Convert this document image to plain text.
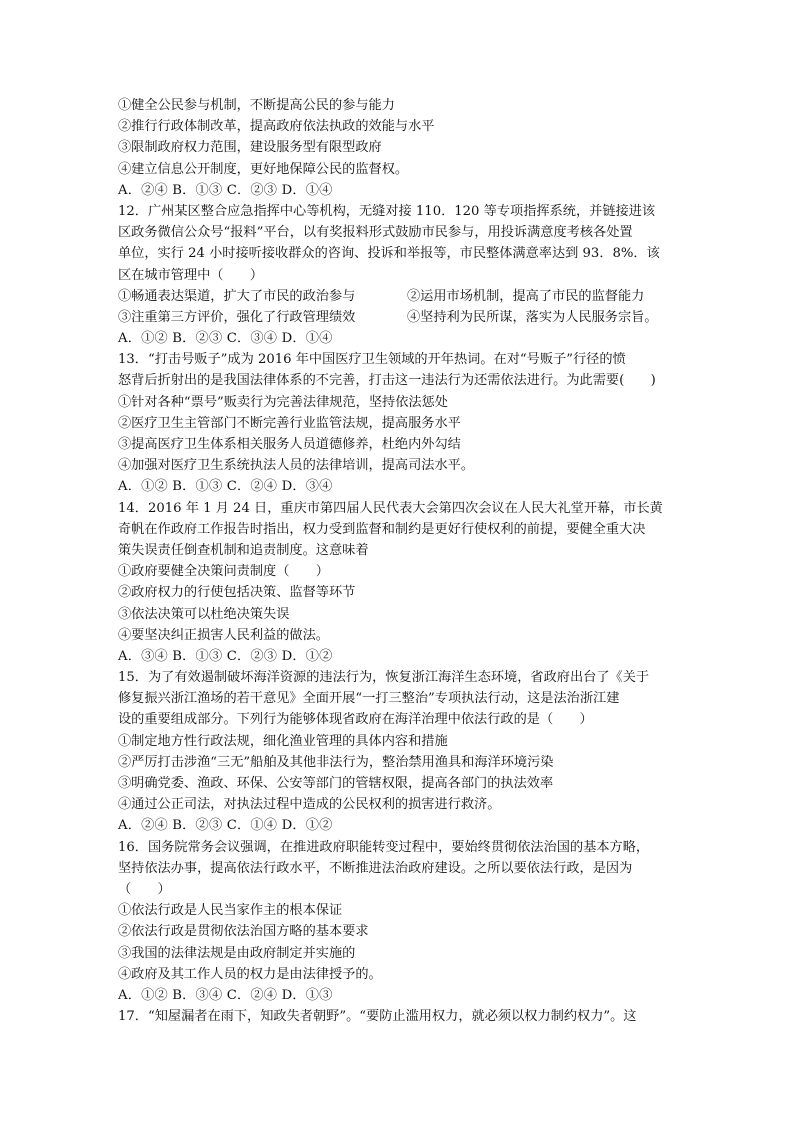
①健全公民参与机制，不断提高公民的参与能力
②推行行政体制改革，提高政府依法执政的效能与水平
③限制政府权力范围，建设服务型有限型政府
④建立信息公开制度，更好地保障公民的监督权。
A．②④ B．①③ C．②③ D．①④
12．广州某区整合应急指挥中心等机构，无缝对接 110．120 等专项指挥系统，并链接进该
区政务微信公众号“报料”平台，以有奖报料形式鼓励市民参与，用投诉满意度考核各处置
单位，实行 24 小时接听接收群众的咨询、投诉和举报等，市民整体满意率达到 93．8%．该
区在城市管理中（　　）
①畅通表达渠道，扩大了市民的政治参与	②运用市场机制，提高了市民的监督能力
③注重第三方评价，强化了行政管理绩效	④坚持利为民所谋，落实为人民服务宗旨。
A．①② B．②③ C．③④ D．①④
13．“打击号贩子”成为 2016 年中国医疗卫生领域的开年热词。在对“号贩子”行径的愤
怒背后折射出的是我国法律体系的不完善，打击这一违法行为还需依法进行。为此需要(　　)
①针对各种“票号”贩卖行为完善法律规范，坚持依法惩处
②医疗卫生主管部门不断完善行业监管法规，提高服务水平
③提高医疗卫生体系相关服务人员道德修养，杜绝内外勾结
④加强对医疗卫生系统执法人员的法律培训，提高司法水平。
A．①② B．①③ C．②④ D．③④
14．2016 年 1 月 24 日，重庆市第四届人民代表大会第四次会议在人民大礼堂开幕，市长黄
奇帆在作政府工作报告时指出，权力受到监督和制约是更好行使权利的前提，要健全重大决
策失误责任倒查机制和追责制度。这意味着
①政府要健全决策问责制度（　　）
②政府权力的行使包括决策、监督等环节
③依法决策可以杜绝决策失误
④要坚决纠正损害人民利益的做法。
A．③④ B．①③ C．②③ D．①②
15．为了有效遏制破坏海洋资源的违法行为，恢复浙江海洋生态环境，省政府出台了《关于
修复振兴浙江渔场的若干意见》全面开展“一打三整治”专项执法行动，这是法治浙江建
设的重要组成部分。下列行为能够体现省政府在海洋治理中依法行政的是（　　）
①制定地方性行政法规，细化渔业管理的具体内容和措施
②严厉打击涉渔“三无”船舶及其他非法行为，整治禁用渔具和海洋环境污染
③明确党委、渔政、环保、公安等部门的管辖权限，提高各部门的执法效率
④通过公正司法，对执法过程中造成的公民权利的损害进行救济。
A．②④ B．②③ C．①④ D．①②
16．国务院常务会议强调，在推进政府职能转变过程中，要始终贯彻依法治国的基本方略，
坚持依法办事，提高依法行政水平，不断推进法治政府建设。之所以要依法行政，是因为
（　　）
①依法行政是人民当家作主的根本保证
②依法行政是贯彻依法治国方略的基本要求
③我国的法律法规是由政府制定并实施的
④政府及其工作人员的权力是由法律授予的。
A．①② B．③④ C．②④ D．①③
17．“知屋漏者在雨下，知政失者朝野”。“要防止滥用权力，就必须以权力制约权力”。这
